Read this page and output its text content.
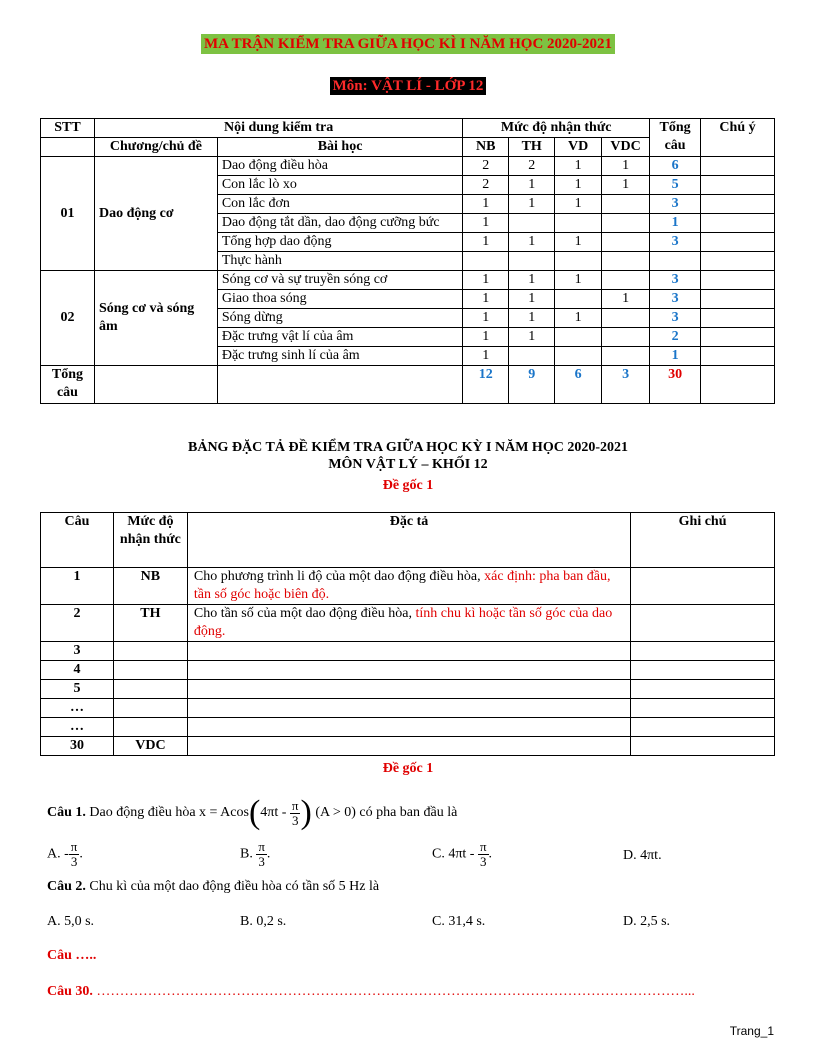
MA TRẬN KIỂM TRA GIỮA HỌC KÌ I NĂM HỌC 2020-2021
Môn: VẬT LÍ - LỚP 12
STT	Nội dung kiểm tra		Mức độ nhận thức				Tổng câu	Chú ý
	Chương/chủ đề	Bài học	NB	TH	VD	VDC		
01	Dao động cơ	Dao động điều hòa	2	2	1	1	6	
		Con lắc lò xo	2	1	1	1	5	
		Con lắc đơn	1	1	1		3	
		Dao động tắt dần, dao động cưỡng bức	1				1	
		Tổng hợp dao động	1	1	1		3	
		Thực hành						
02	Sóng cơ và sóng âm	Sóng cơ và sự truyền sóng cơ	1	1	1		3	
		Giao thoa sóng	1	1		1	3	
		Sóng dừng	1	1	1		3	
		Đặc trưng vật lí của âm	1	1			2	
		Đặc trưng sinh lí của âm	1				1	
Tổng câu			12	9	6	3	30	
BẢNG ĐẶC TẢ ĐỀ KIỂM TRA GIỮA HỌC KỲ I NĂM HỌC 2020-2021
MÔN VẬT LÝ – KHỐI 12
Đề gốc 1
Câu	Mức độ nhận thức	Đặc tả	Ghi chú
1	NB	Cho phương trình li độ của một dao động điều hòa, xác định: pha ban đầu, tần số góc hoặc biên độ.	
2	TH	Cho tần số của một dao động điều hòa, tính chu kì hoặc tần số góc của dao động.	
3			
4			
5			
…			
…			
30	VDC		
Đề gốc 1
Câu 1. Dao động điều hòa $x = Acos(4\pi t - \frac{\pi}{3}$ ) (A > 0) có pha ban đầu là
A. - $\frac{\pi}{3}$ .	B. $\frac{\pi}{3}$ .	C. $4\pi t - \frac{\pi}{3}$ .	D. 4πt.
Câu 2. Chu kì của một dao động điều hòa có tần số 5 Hz là
A. 5,0 s.	B. 0,2 s.	C. 31,4 s.	D. 2,5 s.
Câu …..
Câu 30. ………………………………………………………………………………………………………………...
Trang_1
